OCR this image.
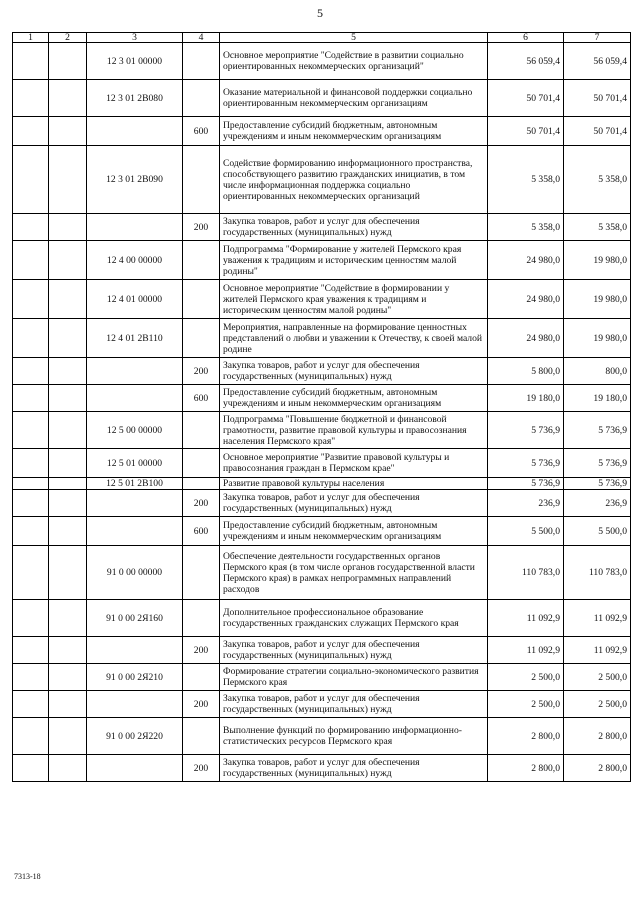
5
1	2	3	4	5	6	7
		12 3 01 00000		Основное мероприятие "Содействие в развитии социально ориентированных некоммерческих организаций"	56 059,4	56 059,4
		12 3 01 2В080		Оказание материальной и финансовой поддержки социально ориентированным некоммерческим организациям	50 701,4	50 701,4
			600	Предоставление субсидий бюджетным, автономным учреждениям и иным некоммерческим организациям	50 701,4	50 701,4
		12 3 01 2В090		Содействие формированию информационного пространства, способствующего развитию гражданских инициатив, в том числе информационная поддержка социально ориентированных некоммерческих организаций	5 358,0	5 358,0
			200	Закупка товаров, работ и услуг для обеспечения государственных (муниципальных) нужд	5 358,0	5 358,0
		12 4 00 00000		Подпрограмма "Формирование у жителей Пермского края уважения к традициям и историческим ценностям малой родины"	24 980,0	19 980,0
		12 4 01 00000		Основное мероприятие "Содействие в формировании у жителей Пермского края уважения к традициям и историческим ценностям малой родины"	24 980,0	19 980,0
		12 4 01 2В110		Мероприятия, направленные на формирование ценностных представлений о любви и уважении к Отечеству, к своей малой родине	24 980,0	19 980,0
			200	Закупка товаров, работ и услуг для обеспечения государственных (муниципальных) нужд	5 800,0	800,0
			600	Предоставление субсидий бюджетным, автономным учреждениям и иным некоммерческим организациям	19 180,0	19 180,0
		12 5 00 00000		Подпрограмма "Повышение бюджетной и финансовой грамотности, развитие правовой культуры и правосознания населения Пермского края"	5 736,9	5 736,9
		12 5 01 00000		Основное мероприятие "Развитие правовой культуры и правосознания граждан в Пермском крае"	5 736,9	5 736,9
		12 5 01 2В100		Развитие правовой культуры населения	5 736,9	5 736,9
			200	Закупка товаров, работ и услуг для обеспечения государственных (муниципальных) нужд	236,9	236,9
			600	Предоставление субсидий бюджетным, автономным учреждениям и иным некоммерческим организациям	5 500,0	5 500,0
		91 0 00 00000		Обеспечение деятельности государственных органов Пермского края (в том числе органов государственной власти Пермского края) в рамках непрограммных направлений расходов	110 783,0	110 783,0
		91 0 00 2Я160		Дополнительное профессиональное образование государственных гражданских служащих Пермского края	11 092,9	11 092,9
			200	Закупка товаров, работ и услуг для обеспечения государственных (муниципальных) нужд	11 092,9	11 092,9
		91 0 00 2Я210		Формирование стратегии социально-экономического развития Пермского края	2 500,0	2 500,0
			200	Закупка товаров, работ и услуг для обеспечения государственных (муниципальных) нужд	2 500,0	2 500,0
		91 0 00 2Я220		Выполнение функций по формированию информационно-статистических ресурсов Пермского края	2 800,0	2 800,0
			200	Закупка товаров, работ и услуг для обеспечения государственных (муниципальных) нужд	2 800,0	2 800,0
7313-18
